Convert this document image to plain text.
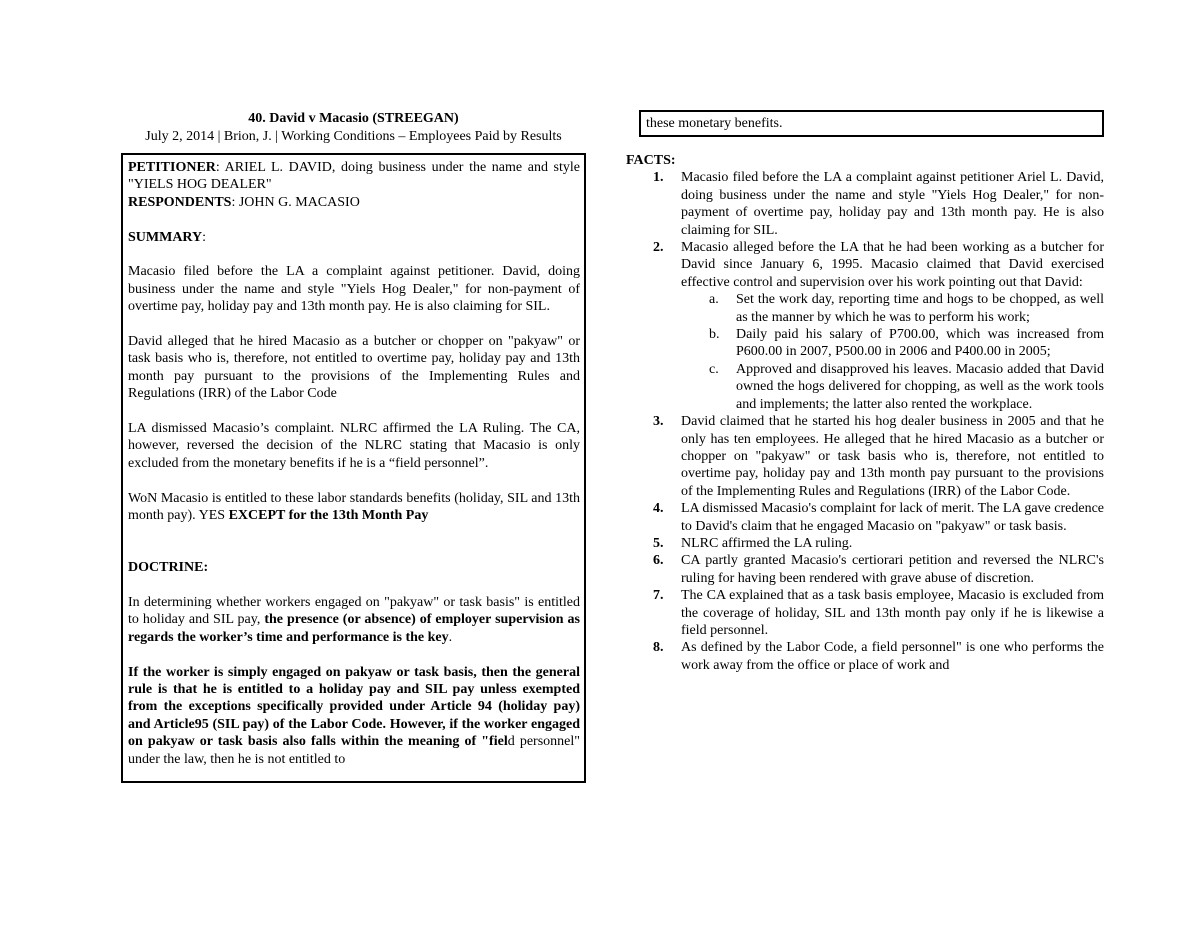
40. David v Macasio (STREEGAN)

July 2, 2014 | Brion, J. | Working Conditions – Employees Paid by Results

PETITIONER: ARIEL L. DAVID, doing business under the name and style "YIELS HOG DEALER"

RESPONDENTS: JOHN G. MACASIO

SUMMARY:

Macasio filed before the LA a complaint against petitioner. David, doing business under the name and style "Yiels Hog Dealer," for non-payment of overtime pay, holiday pay and 13th month pay. He is also claiming for SIL.

David alleged that he hired Macasio as a butcher or chopper on "pakyaw" or task basis who is, therefore, not entitled to overtime pay, holiday pay and 13th month pay pursuant to the provisions of the Implementing Rules and Regulations (IRR) of the Labor Code

LA dismissed Macasio’s complaint. NLRC affirmed the LA Ruling. The CA, however, reversed the decision of the NLRC stating that Macasio is only excluded from the monetary benefits if he is a “field personnel”.

WoN Macasio is entitled to these labor standards benefits (holiday, SIL and 13th month pay). YES EXCEPT for the 13th Month Pay

DOCTRINE:

In determining whether workers engaged on "pakyaw" or task basis" is entitled to holiday and SIL pay, the presence (or absence) of employer supervision as regards the worker’s time and performance is the key.

If the worker is simply engaged on pakyaw or task basis, then the general rule is that he is entitled to a holiday pay and SIL pay unless exempted from the exceptions specifically provided under Article 94 (holiday pay) and Article95 (SIL pay) of the Labor Code. However, if the worker engaged on pakyaw or task basis also falls within the meaning of "field personnel" under the law, then he is not entitled to

these monetary benefits.

FACTS:

1. Macasio filed before the LA a complaint against petitioner Ariel L. David, doing business under the name and style "Yiels Hog Dealer," for non-payment of overtime pay, holiday pay and 13th month pay. He is also claiming for SIL.
2. Macasio alleged before the LA that he had been working as a butcher for David since January 6, 1995. Macasio claimed that David exercised effective control and supervision over his work pointing out that David:
a. Set the work day, reporting time and hogs to be chopped, as well as the manner by which he was to perform his work;
b. Daily paid his salary of P700.00, which was increased from P600.00 in 2007, P500.00 in 2006 and P400.00 in 2005;
c. Approved and disapproved his leaves. Macasio added that David owned the hogs delivered for chopping, as well as the work tools and implements; the latter also rented the workplace.
3. David claimed that he started his hog dealer business in 2005 and that he only has ten employees. He alleged that he hired Macasio as a butcher or chopper on "pakyaw" or task basis who is, therefore, not entitled to overtime pay, holiday pay and 13th month pay pursuant to the provisions of the Implementing Rules and Regulations (IRR) of the Labor Code.
4. LA dismissed Macasio's complaint for lack of merit. The LA gave credence to David's claim that he engaged Macasio on "pakyaw" or task basis.
5. NLRC affirmed the LA ruling.
6. CA partly granted Macasio's certiorari petition and reversed the NLRC's ruling for having been rendered with grave abuse of discretion.
7. The CA explained that as a task basis employee, Macasio is excluded from the coverage of holiday, SIL and 13th month pay only if he is likewise a field personnel.
8. As defined by the Labor Code, a field personnel" is one who performs the work away from the office or place of work and
